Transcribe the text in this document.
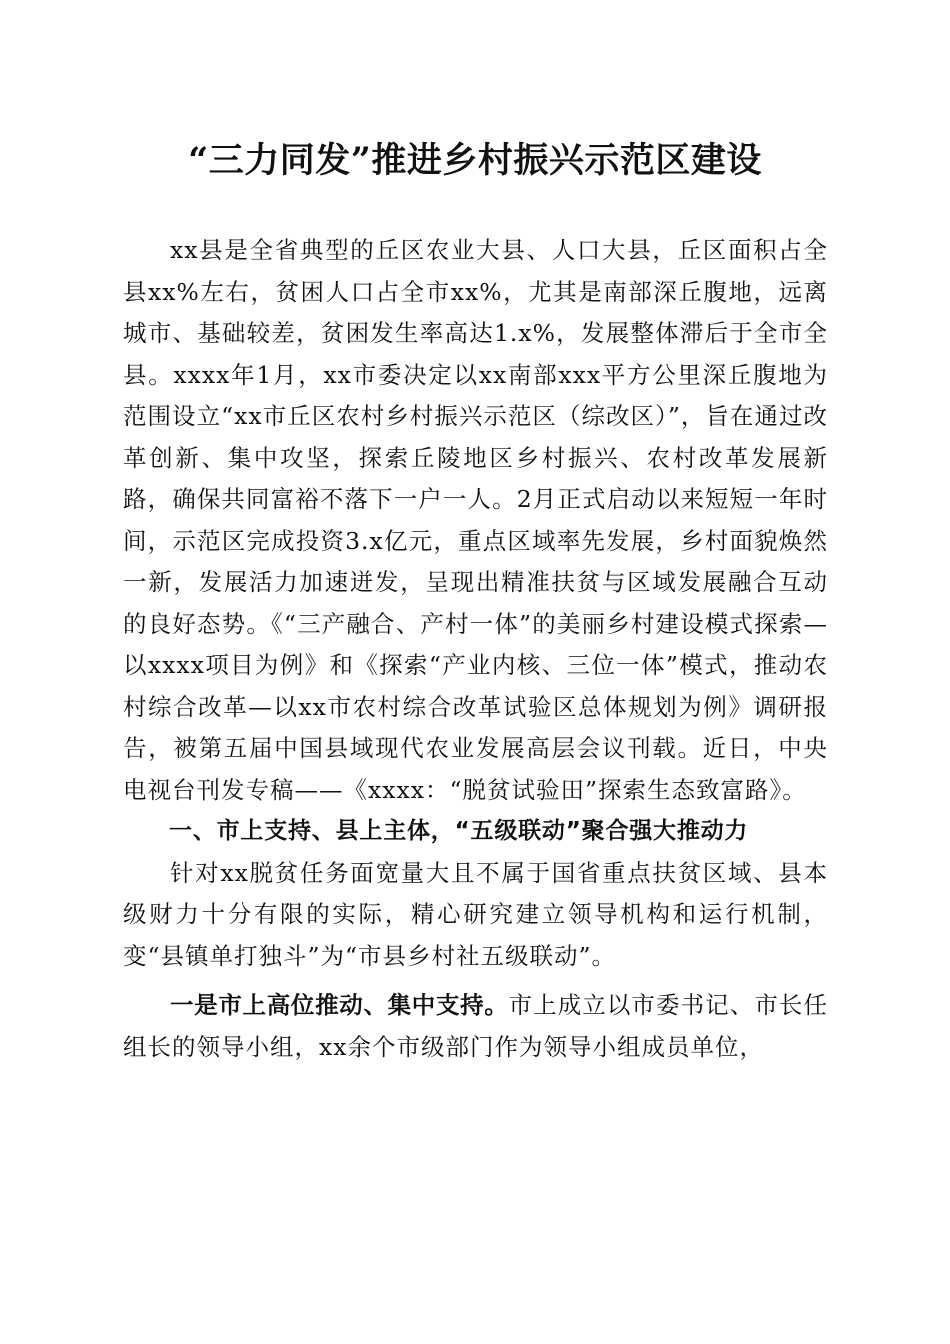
“三力同发”推进乡村振兴示范区建设

xx县是全省典型的丘区农业大县、人口大县，丘区面积占全县xx%左右，贫困人口占全市xx%，尤其是南部深丘腹地，远离城市、基础较差，贫困发生率高达1.x%，发展整体滞后于全市全县。xxxx年1月，xx市委决定以xx南部xxx平方公里深丘腹地为范围设立“xx市丘区农村乡村振兴示范区（综改区）”，旨在通过改革创新、集中攻坚，探索丘陵地区乡村振兴、农村改革发展新路，确保共同富裕不落下一户一人。2月正式启动以来短短一年时间，示范区完成投资3.x亿元，重点区域率先发展，乡村面貌焕然一新，发展活力加速迸发，呈现出精准扶贫与区域发展融合互动的良好态势。《“三产融合、产村一体”的美丽乡村建设模式探索—以xxxx项目为例》和《探索“产业内核、三位一体”模式，推动农村综合改革—以xx市农村综合改革试验区总体规划为例》调研报告，被第五届中国县域现代农业发展高层会议刊载。近日，中央电视台刊发专稿——《xxxx：“脱贫试验田”探索生态致富路》。

一、市上支持、县上主体，“五级联动”聚合强大推动力

针对xx脱贫任务面宽量大且不属于国省重点扶贫区域、县本级财力十分有限的实际，精心研究建立领导机构和运行机制，变“县镇单打独斗”为“市县乡村社五级联动”。

一是市上高位推动、集中支持。市上成立以市委书记、市长任组长的领导小组，xx余个市级部门作为领导小组成员单位，
